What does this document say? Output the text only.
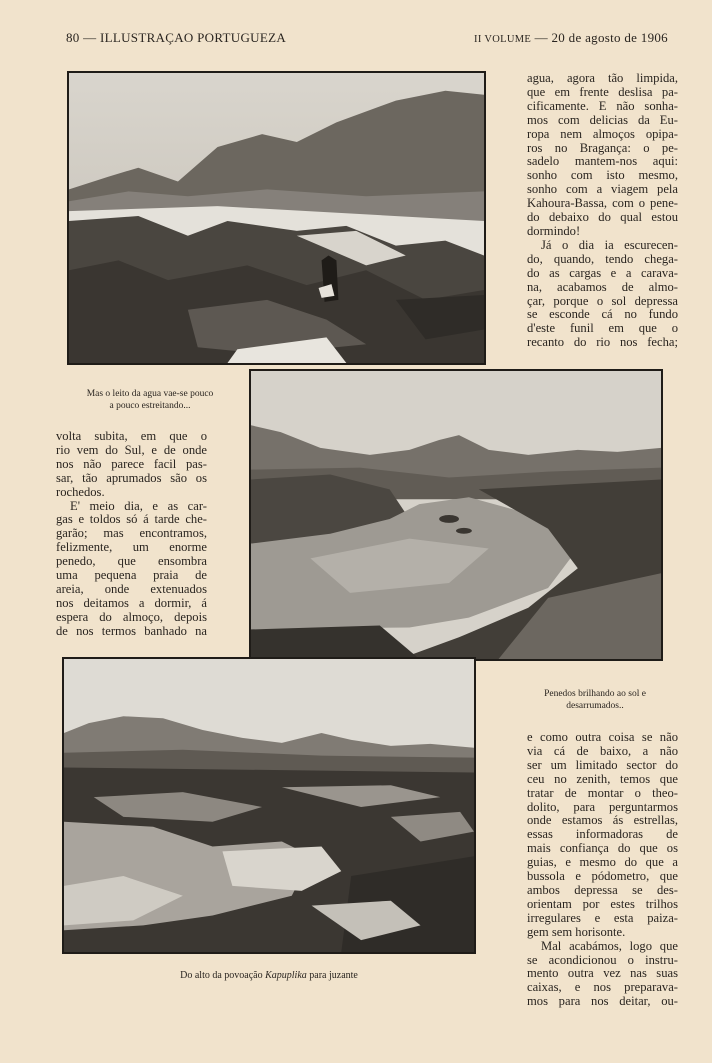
80 — ILLUSTRAÇAO PORTUGUEZA	II VOLUME — 20 de agosto de 1906
agua, agora tão limpida,
que em frente deslisa pa-
cificamente. E não sonha-
mos com delicias da Eu-
ropa nem almoços opipa-
ros no Bragança: o pe-
sadelo mantem-nos aqui:
sonho com isto mesmo,
sonho com a viagem pela
Kahoura-Bassa, com o pene-
do debaixo do qual estou
dormindo!
Já o dia ia escurecen-
do, quando, tendo chega-
do as cargas e a carava-
na, acabamos de almo-
çar, porque o sol depressa
se esconde cá no fundo
d'este funil em que o
recanto do rio nos fecha;
Mas o leito da agua vae-se pouco
a pouco estreitando...
volta subita, em que o
rio vem do Sul, e de onde
nos não parece facil pas-
sar, tão aprumados são os
rochedos.
E' meio dia, e as car-
gas e toldos só á tarde che-
garão; mas encontramos,
felizmente, um enorme
penedo, que ensombra
uma pequena praia de
areia, onde extenuados
nos deitamos a dormir, á
espera do almoço, depois
de nos termos banhado na
Penedos brilhando ao sol e
desarrumados..
e como outra coisa se não
via cá de baixo, a não
ser um limitado sector do
ceu no zenith, temos que
tratar de montar o theo-
dolito, para perguntarmos
onde estamos ás estrellas,
essas informadoras de
mais confiança do que os
guias, e mesmo do que a
bussola e pódometro, que
ambos depressa se des-
orientam por estes trilhos
irregulares e esta paiza-
gem sem horisonte.
Mal acabámos, logo que
se acondicionou o instru-
mento outra vez nas suas
caixas, e nos preparava-
mos para nos deitar, ou-
Do alto da povoação Kapuplika para juzante
